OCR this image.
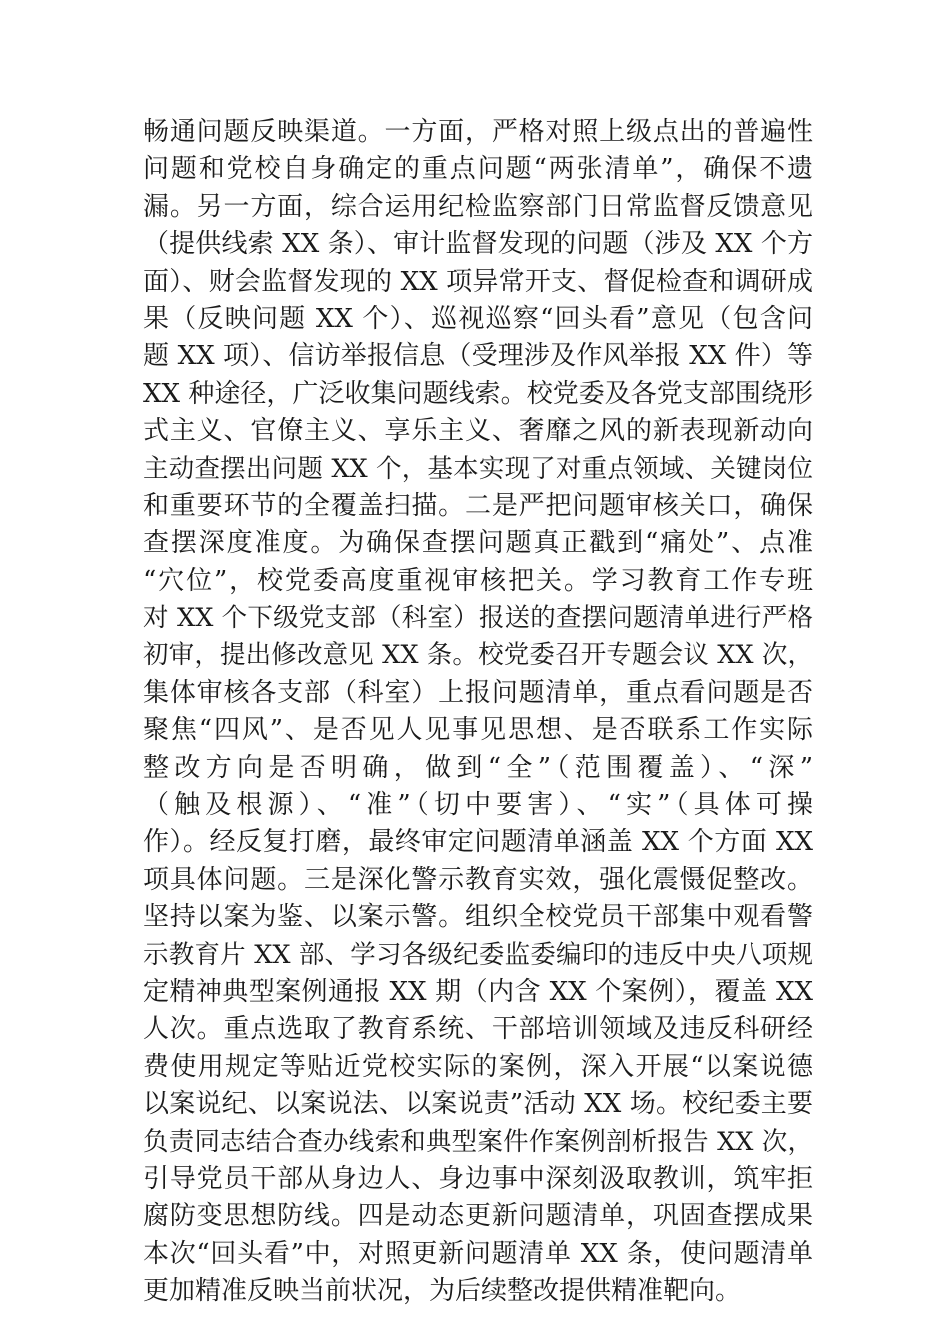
畅通问题反映渠道。一方面，严格对照上级点出的普遍性
问题和党校自身确定的重点问题“两张清单”，确保不遗
漏。另一方面，综合运用纪检监察部门日常监督反馈意见
（提供线索 XX 条）、审计监督发现的问题（涉及 XX 个方
面）、财会监督发现的 XX 项异常开支、督促检查和调研成
果（反映问题 XX 个）、巡视巡察“回头看”意见（包含问
题 XX 项）、信访举报信息（受理涉及作风举报 XX 件）等
XX 种途径，广泛收集问题线索。校党委及各党支部围绕形
式主义、官僚主义、享乐主义、奢靡之风的新表现新动向
主动查摆出问题 XX 个，基本实现了对重点领域、关键岗位
和重要环节的全覆盖扫描。二是严把问题审核关口，确保
查摆深度准度。为确保查摆问题真正戳到“痛处”、点准
“穴位”，校党委高度重视审核把关。学习教育工作专班
对 XX 个下级党支部（科室）报送的查摆问题清单进行严格
初审，提出修改意见 XX 条。校党委召开专题会议 XX 次，
集体审核各支部（科室）上报问题清单，重点看问题是否
聚焦“四风”、是否见人见事见思想、是否联系工作实际
整改方向是否明确，做到“全”（范围覆盖）、“深”
（触及根源）、“准”（切中要害）、“实”（具体可操
作）。经反复打磨，最终审定问题清单涵盖 XX 个方面 XX
项具体问题。三是深化警示教育实效，强化震慑促整改。
坚持以案为鉴、以案示警。组织全校党员干部集中观看警
示教育片 XX 部、学习各级纪委监委编印的违反中央八项规
定精神典型案例通报 XX 期（内含 XX 个案例），覆盖 XX
人次。重点选取了教育系统、干部培训领域及违反科研经
费使用规定等贴近党校实际的案例，深入开展“以案说德
以案说纪、以案说法、以案说责”活动 XX 场。校纪委主要
负责同志结合查办线索和典型案件作案例剖析报告 XX 次，
引导党员干部从身边人、身边事中深刻汲取教训，筑牢拒
腐防变思想防线。四是动态更新问题清单，巩固查摆成果
本次“回头看”中，对照更新问题清单 XX 条，使问题清单
更加精准反映当前状况，为后续整改提供精准靶向。
